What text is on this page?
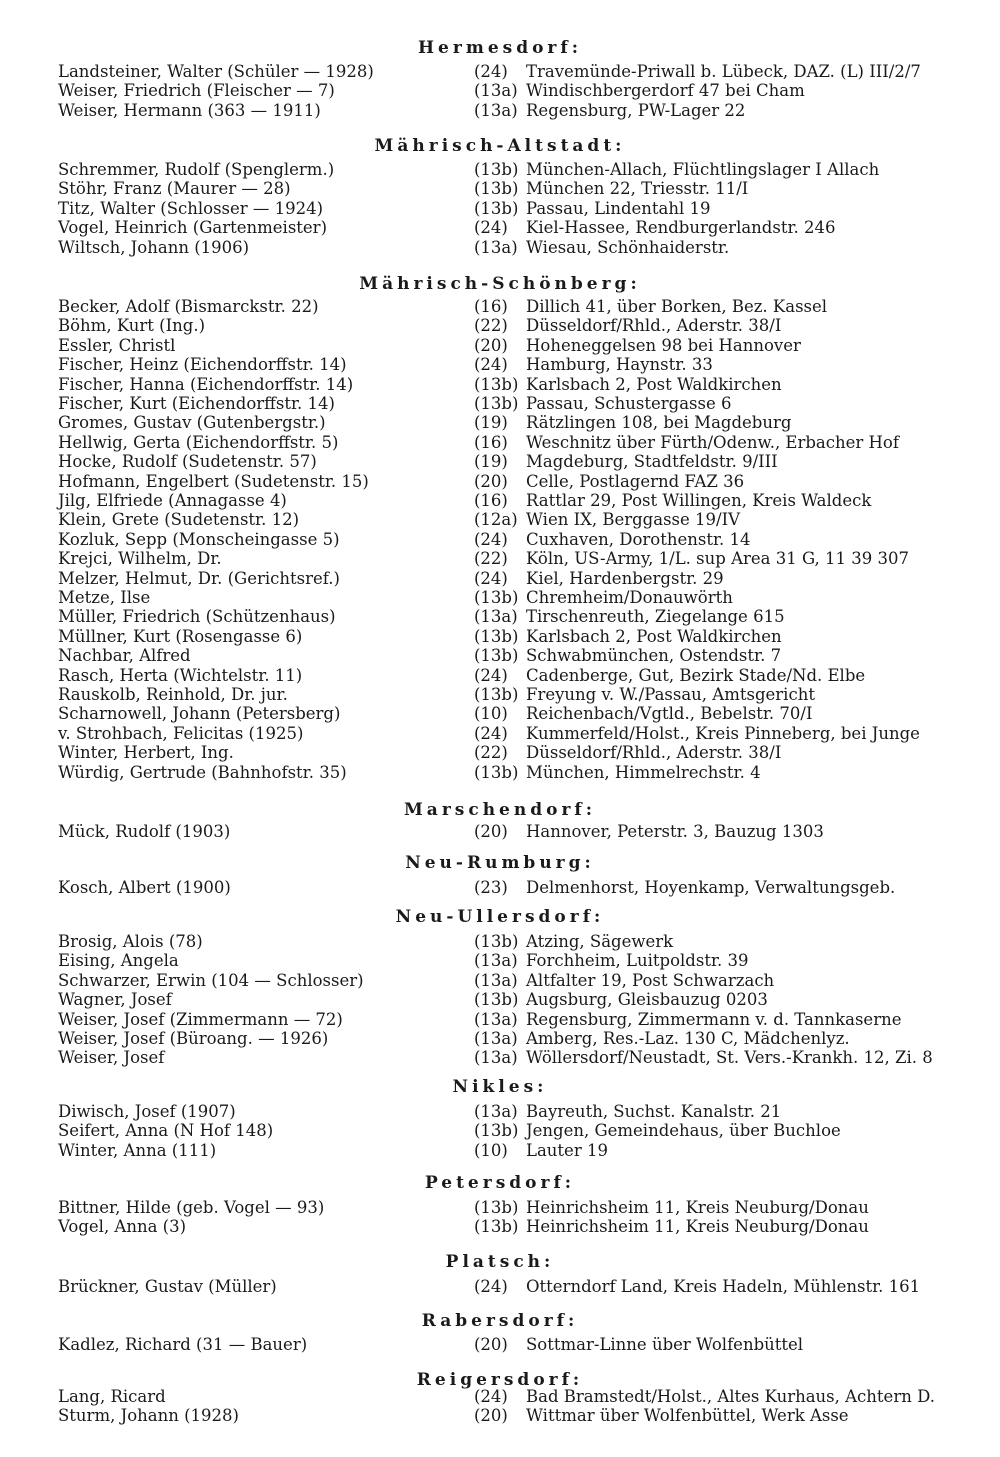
Hermesdorf:
Landsteiner, Walter (Schüler — 1928)	(24) Travemünde-Priwall b. Lübeck, DAZ. (L) III/2/7
Weiser, Friedrich (Fleischer — 7)	(13a) Windischbergerdorf 47 bei Cham
Weiser, Hermann (363 — 1911)	(13a) Regensburg, PW-Lager 22
Mährisch-Altstadt:
Schremmer, Rudolf (Spenglerm.)	(13b) München-Allach, Flüchtlingslager I Allach
Stöhr, Franz (Maurer — 28)	(13b) München 22, Triesstr. 11/I
Titz, Walter (Schlosser — 1924)	(13b) Passau, Lindentahl 19
Vogel, Heinrich (Gartenmeister)	(24) Kiel-Hassee, Rendburgerlandstr. 246
Wiltsch, Johann (1906)	(13a) Wiesau, Schönhaiderstr.
Mährisch-Schönberg:
Becker, Adolf (Bismarckstr. 22)	(16) Dillich 41, über Borken, Bez. Kassel
Böhm, Kurt (Ing.)	(22) Düsseldorf/Rhld., Aderstr. 38/I
Essler, Christl	(20) Hoheneggelsen 98 bei Hannover
Fischer, Heinz (Eichendorffstr. 14)	(24) Hamburg, Haynstr. 33
Fischer, Hanna (Eichendorffstr. 14)	(13b) Karlsbach 2, Post Waldkirchen
Fischer, Kurt (Eichendorffstr. 14)	(13b) Passau, Schustergasse 6
Gromes, Gustav (Gutenbergstr.)	(19) Rätzlingen 108, bei Magdeburg
Hellwig, Gerta (Eichendorffstr. 5)	(16) Weschnitz über Fürth/Odenw., Erbacher Hof
Hocke, Rudolf (Sudetenstr. 57)	(19) Magdeburg, Stadtfeldstr. 9/III
Hofmann, Engelbert (Sudetenstr. 15)	(20) Celle, Postlagernd FAZ 36
Jilg, Elfriede (Annagasse 4)	(16) Rattlar 29, Post Willingen, Kreis Waldeck
Klein, Grete (Sudetenstr. 12)	(12a) Wien IX, Berggasse 19/IV
Kozluk, Sepp (Monscheingasse 5)	(24) Cuxhaven, Dorothenstr. 14
Krejci, Wilhelm, Dr.	(22) Köln, US-Army, 1/L. sup Area 31 G, 11 39 307
Melzer, Helmut, Dr. (Gerichtsref.)	(24) Kiel, Hardenbergstr. 29
Metze, Ilse	(13b) Chremheim/Donauwörth
Müller, Friedrich (Schützenhaus)	(13a) Tirschenreuth, Ziegelange 615
Müllner, Kurt (Rosengasse 6)	(13b) Karlsbach 2, Post Waldkirchen
Nachbar, Alfred	(13b) Schwabmünchen, Ostendstr. 7
Rasch, Herta (Wichtelstr. 11)	(24) Cadenberge, Gut, Bezirk Stade/Nd. Elbe
Rauskolb, Reinhold, Dr. jur.	(13b) Freyung v. W./Passau, Amtsgericht
Scharnowell, Johann (Petersberg)	(10) Reichenbach/Vgtld., Bebelstr. 70/I
v. Strohbach, Felicitas (1925)	(24) Kummerfeld/Holst., Kreis Pinneberg, bei Junge
Winter, Herbert, Ing.	(22) Düsseldorf/Rhld., Aderstr. 38/I
Würdig, Gertrude (Bahnhofstr. 35)	(13b) München, Himmelrechstr. 4
Marschendorf:
Mück, Rudolf (1903)	(20) Hannover, Peterstr. 3, Bauzug 1303
Neu-Rumburg:
Kosch, Albert (1900)	(23) Delmenhorst, Hoyenkamp, Verwaltungsgeb.
Neu-Ullersdorf:
Brosig, Alois (78)	(13b) Atzing, Sägewerk
Eising, Angela	(13a) Forchheim, Luitpoldstr. 39
Schwarzer, Erwin (104 — Schlosser)	(13a) Altfalter 19, Post Schwarzach
Wagner, Josef	(13b) Augsburg, Gleisbauzug 0203
Weiser, Josef (Zimmermann — 72)	(13a) Regensburg, Zimmermann v. d. Tannkaserne
Weiser, Josef (Büroang. — 1926)	(13a) Amberg, Res.-Laz. 130 C, Mädchenlyz.
Weiser, Josef	(13a) Wöllersdorf/Neustadt, St. Vers.-Krankh. 12, Zi. 8
Nikles:
Diwisch, Josef (1907)	(13a) Bayreuth, Suchst. Kanalstr. 21
Seifert, Anna (N Hof 148)	(13b) Jengen, Gemeindehaus, über Buchloe
Winter, Anna (111)	(10) Lauter 19
Petersdorf:
Bittner, Hilde (geb. Vogel — 93)	(13b) Heinrichsheim 11, Kreis Neuburg/Donau
Vogel, Anna (3)	(13b) Heinrichsheim 11, Kreis Neuburg/Donau
Platsch:
Brückner, Gustav (Müller)	(24) Otterndorf Land, Kreis Hadeln, Mühlenstr. 161
Rabersdorf:
Kadlez, Richard (31 — Bauer)	(20) Sottmar-Linne über Wolfenbüttel
Reigersdorf:
Lang, Ricard	(24) Bad Bramstedt/Holst., Altes Kurhaus, Achtern D.
Sturm, Johann (1928)	(20) Wittmar über Wolfenbüttel, Werk Asse
